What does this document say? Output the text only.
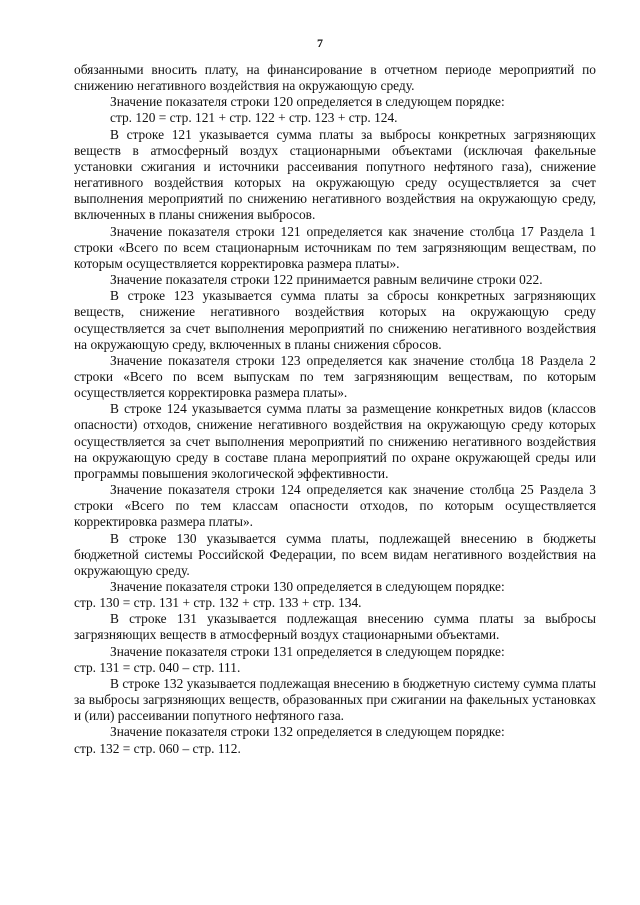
7

обязанными вносить плату, на финансирование в отчетном периоде мероприятий по снижению негативного воздействия на окружающую среду.

Значение показателя строки 120 определяется в следующем порядке:

стр. 120 = стр. 121 + стр. 122 + стр. 123 + стр. 124.

В строке 121 указывается сумма платы за выбросы конкретных загрязняющих веществ в атмосферный воздух стационарными объектами (исключая факельные установки сжигания и источники рассеивания попутного нефтяного газа), снижение негативного воздействия которых на окружающую среду осуществляется за счет выполнения мероприятий по снижению негативного воздействия на окружающую среду, включенных в планы снижения выбросов.

Значение показателя строки 121 определяется как значение столбца 17 Раздела 1 строки «Всего по всем стационарным источникам по тем загрязняющим веществам, по которым осуществляется корректировка размера платы».

Значение показателя строки 122 принимается равным величине строки 022.

В строке 123 указывается сумма платы за сбросы конкретных загрязняющих веществ, снижение негативного воздействия которых на окружающую среду осуществляется за счет выполнения мероприятий по снижению негативного воздействия на окружающую среду, включенных в планы снижения сбросов.

Значение показателя строки 123 определяется как значение столбца 18 Раздела 2 строки «Всего по всем выпускам по тем загрязняющим веществам, по которым осуществляется корректировка размера платы».

В строке 124 указывается сумма платы за размещение конкретных видов (классов опасности) отходов, снижение негативного воздействия на окружающую среду которых осуществляется за счет выполнения мероприятий по снижению негативного воздействия на окружающую среду в составе плана мероприятий по охране окружающей среды или программы повышения экологической эффективности.

Значение показателя строки 124 определяется как значение столбца 25 Раздела 3 строки «Всего по тем классам опасности отходов, по которым осуществляется корректировка размера платы».

В строке 130 указывается сумма платы, подлежащей внесению в бюджеты бюджетной системы Российской Федерации, по всем видам негативного воздействия на окружающую среду.

Значение показателя строки 130 определяется в следующем порядке:

стр. 130 = стр. 131 + стр. 132 + стр. 133 + стр. 134.

В строке 131 указывается подлежащая внесению сумма платы за выбросы загрязняющих веществ в атмосферный воздух стационарными объектами.

Значение показателя строки 131 определяется в следующем порядке:

стр. 131 = стр. 040 – стр. 111.

В строке 132 указывается подлежащая внесению в бюджетную систему сумма платы за выбросы загрязняющих веществ, образованных при сжигании на факельных установках и (или) рассеивании попутного нефтяного газа.

Значение показателя строки 132 определяется в следующем порядке:

стр. 132 = стр. 060 – стр. 112.
